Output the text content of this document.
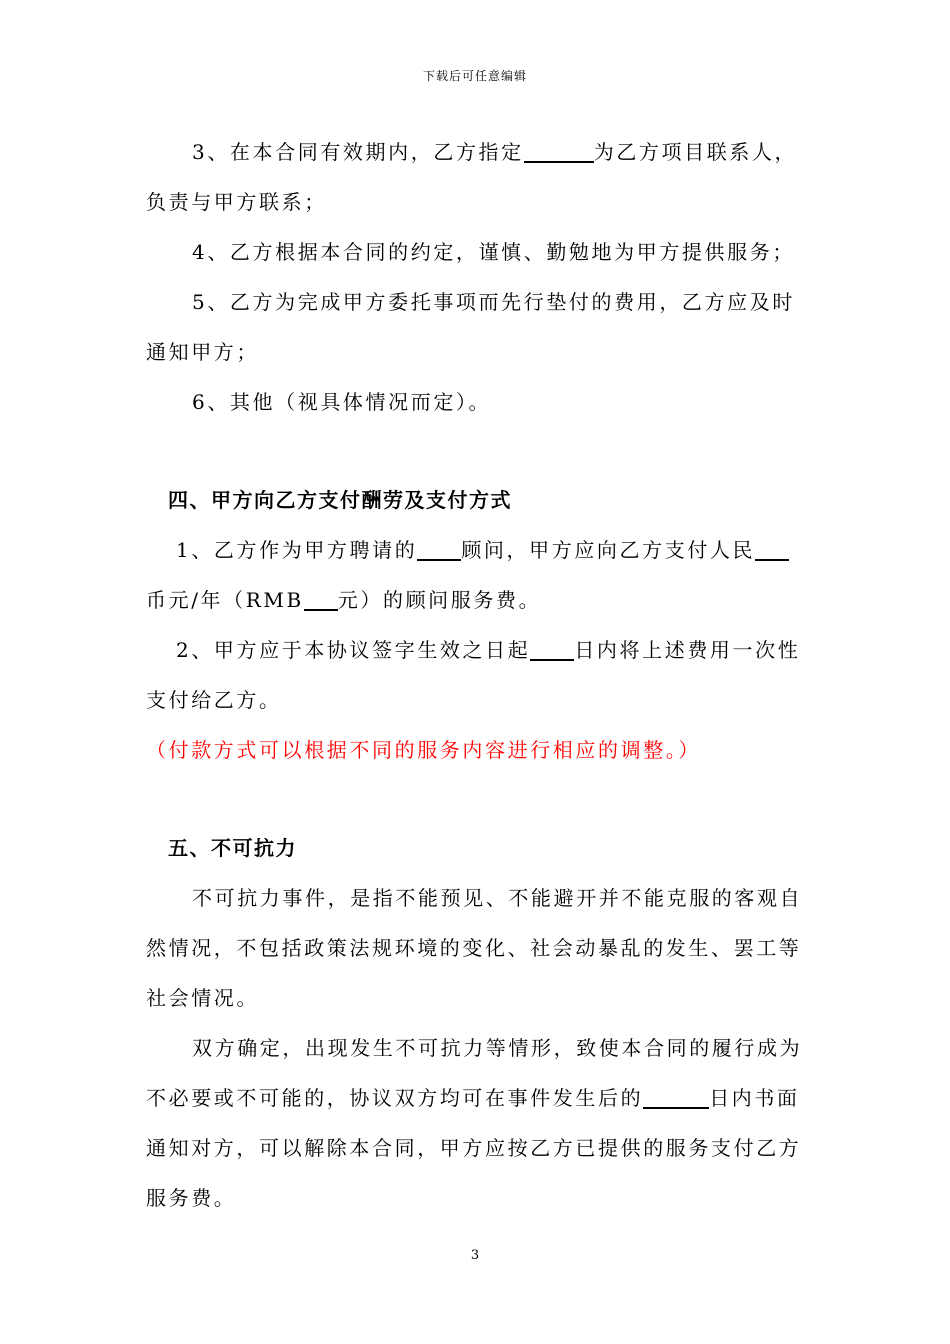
下载后可任意编辑

3、在本合同有效期内，乙方指定	为乙方项目联系人，负责与甲方联系；

4、乙方根据本合同的约定，谨慎、勤勉地为甲方提供服务；

5、乙方为完成甲方委托事项而先行垫付的费用，乙方应及时通知甲方；

6、其他（视具体情况而定）。

四、甲方向乙方支付酬劳及支付方式

1、乙方作为甲方聘请的 顾问，甲方应向乙方支付人民币元/年（RMB 元）的顾问服务费。

2、甲方应于本协议签字生效之日起 日内将上述费用一次性支付给乙方。

（付款方式可以根据不同的服务内容进行相应的调整。）

五、不可抗力

不可抗力事件，是指不能预见、不能避开并不能克服的客观自然情况，不包括政策法规环境的变化、社会动暴乱的发生、罢工等社会情况。

双方确定，出现发生不可抗力等情形，致使本合同的履行成为不必要或不可能的，协议双方均可在事件发生后的	日内书面通知对方，可以解除本合同，甲方应按乙方已提供的服务支付乙方服务费。

3
